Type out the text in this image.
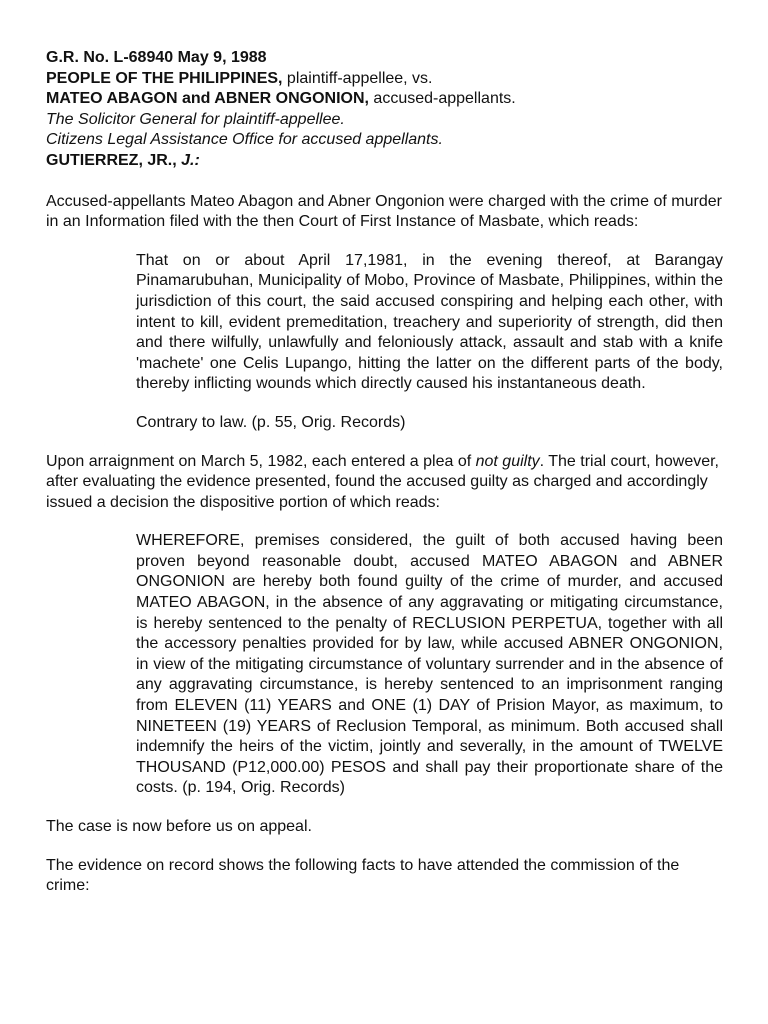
G.R. No. L-68940 May 9, 1988

PEOPLE OF THE PHILIPPINES, plaintiff-appellee, vs.

MATEO ABAGON and ABNER ONGONION, accused-appellants.

The Solicitor General for plaintiff-appellee.

Citizens Legal Assistance Office for accused appellants.

GUTIERREZ, JR., J.:

Accused-appellants Mateo Abagon and Abner Ongonion were charged with the crime of murder in an Information filed with the then Court of First Instance of Masbate, which reads:

That on or about April 17,1981, in the evening thereof, at Barangay Pinamarubuhan, Municipality of Mobo, Province of Masbate, Philippines, within the jurisdiction of this court, the said accused conspiring and helping each other, with intent to kill, evident premeditation, treachery and superiority of strength, did then and there wilfully, unlawfully and feloniously attack, assault and stab with a knife 'machete' one Celis Lupango, hitting the latter on the different parts of the body, thereby inflicting wounds which directly caused his instantaneous death.

Contrary to law. (p. 55, Orig. Records)

Upon arraignment on March 5, 1982, each entered a plea of not guilty. The trial court, however, after evaluating the evidence presented, found the accused guilty as charged and accordingly issued a decision the dispositive portion of which reads:

WHEREFORE, premises considered, the guilt of both accused having been proven beyond reasonable doubt, accused MATEO ABAGON and ABNER ONGONION are hereby both found guilty of the crime of murder, and accused MATEO ABAGON, in the absence of any aggravating or mitigating circumstance, is hereby sentenced to the penalty of RECLUSION PERPETUA, together with all the accessory penalties provided for by law, while accused ABNER ONGONION, in view of the mitigating circumstance of voluntary surrender and in the absence of any aggravating circumstance, is hereby sentenced to an imprisonment ranging from ELEVEN (11) YEARS and ONE (1) DAY of Prision Mayor, as maximum, to NINETEEN (19) YEARS of Reclusion Temporal, as minimum. Both accused shall indemnify the heirs of the victim, jointly and severally, in the amount of TWELVE THOUSAND (P12,000.00) PESOS and shall pay their proportionate share of the costs. (p. 194, Orig. Records)

The case is now before us on appeal.

The evidence on record shows the following facts to have attended the commission of the crime:
